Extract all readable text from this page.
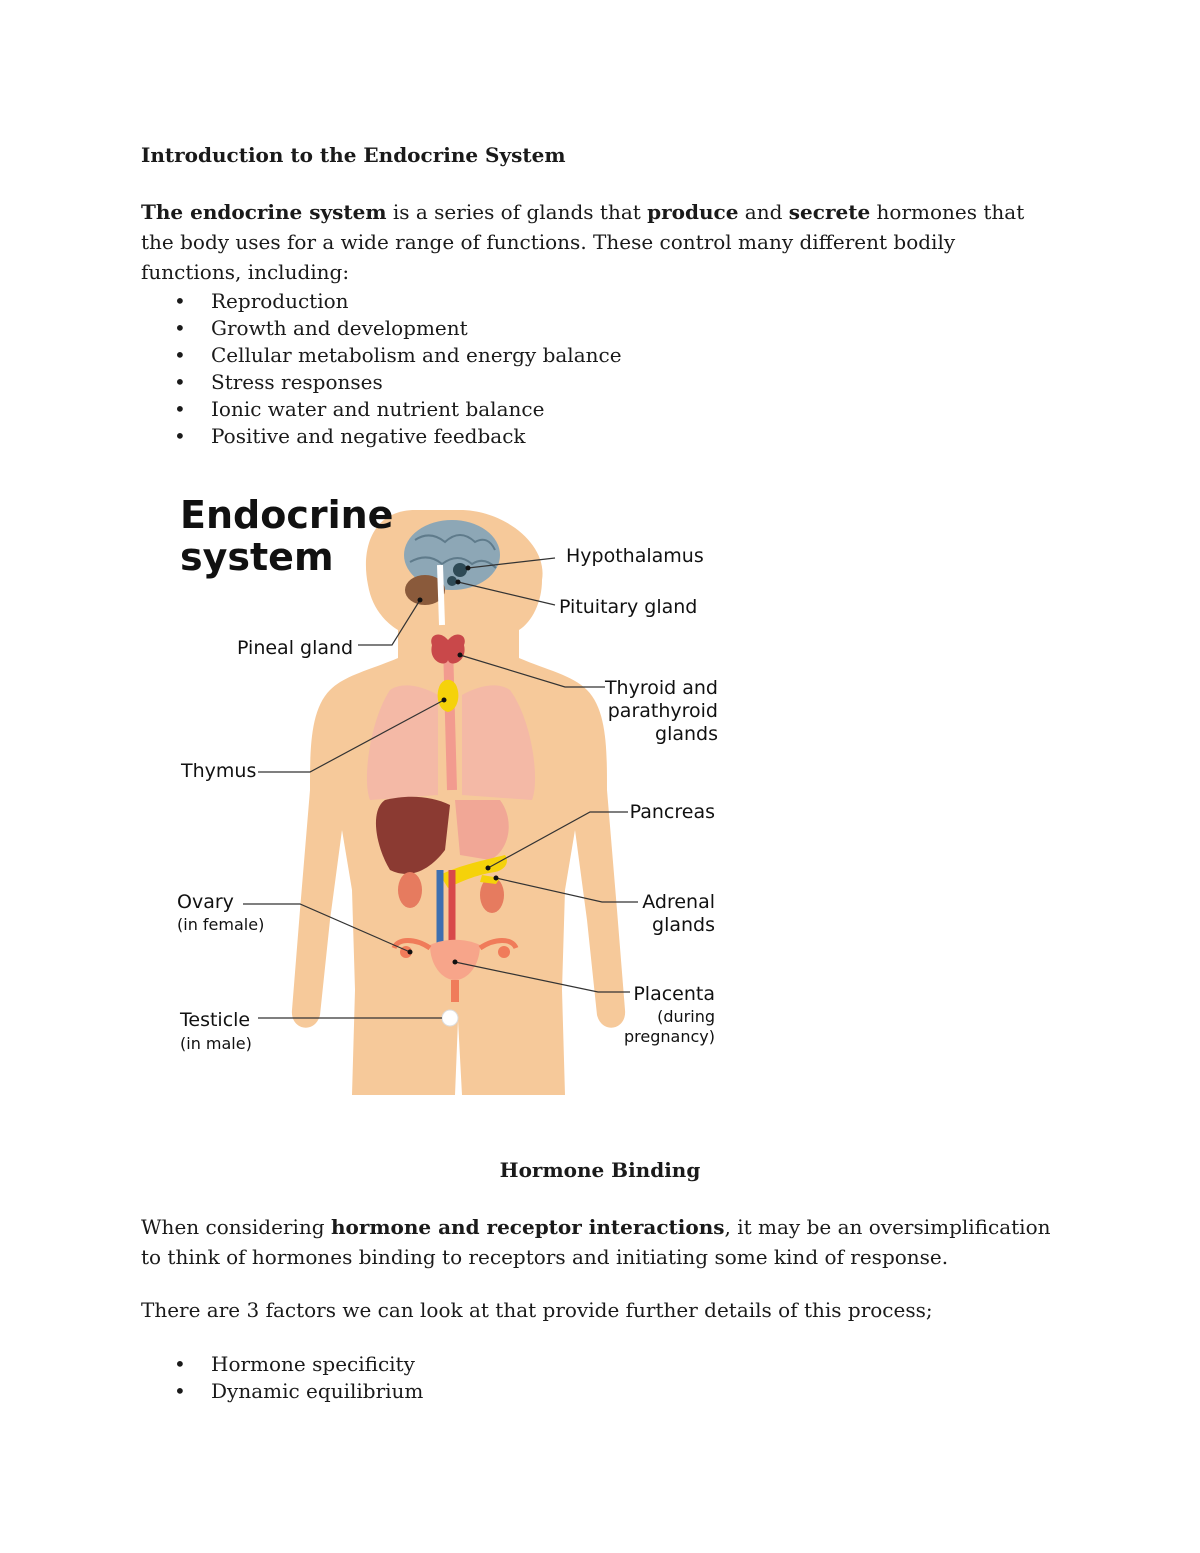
Introduction to the Endocrine System
The endocrine system is a series of glands that produce and secrete hormones that the body uses for a wide range of functions. These control many different bodily functions, including:
• Reproduction
• Growth and development
• Cellular metabolism and energy balance
• Stress responses
• Ionic water and nutrient balance
• Positive and negative feedback
Endocrine
system	Hypothalamus
Pituitary gland
Pineal gland
Thyroid and
parathyroid
glands
Thymus
Pancreas
Adrenal
glands
Ovary
(in female)
Placenta
(during
pregnancy)
Testicle
(in male)
Hormone Binding
When considering hormone and receptor interactions, it may be an oversimplification to think of hormones binding to receptors and initiating some kind of response.
There are 3 factors we can look at that provide further details of this process;
• Hormone specificity
• Dynamic equilibrium
